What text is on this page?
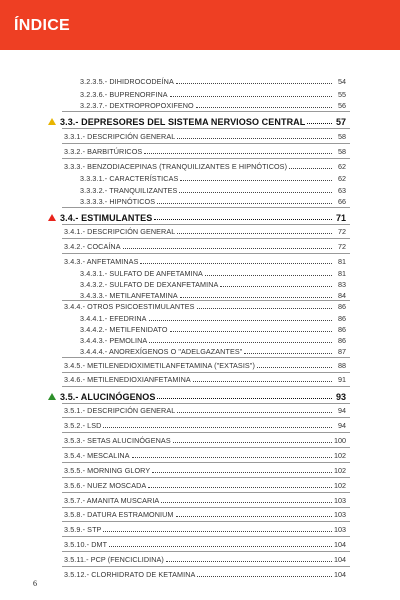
ÍNDICE
3.2.3.5.- DIHIDROCODEÍNA	54
3.2.3.6.- BUPRENORFINA	55
3.2.3.7.- DEXTROPROPOXIFENO	56
3.3.- DEPRESORES DEL SISTEMA NERVIOSO CENTRAL	57
3.3.1.- DESCRIPCIÓN GENERAL	58
3.3.2.- BARBITÚRICOS	58
3.3.3.- BENZODIACEPINAS (TRANQUILIZANTES E HIPNÓTICOS)	62
3.3.3.1.- CARACTERÍSTICAS	62
3.3.3.2.- TRANQUILIZANTES	63
3.3.3.3.- HIPNÓTICOS	66
3.4.- ESTIMULANTES	71
3.4.1.- DESCRIPCIÓN GENERAL	72
3.4.2.- COCAÍNA	72
3.4.3.- ANFETAMINAS	81
3.4.3.1.- SULFATO DE ANFETAMINA	81
3.4.3.2.- SULFATO DE DEXANFETAMINA	83
3.4.3.3.- METILANFETAMINA	84
3.4.4.- OTROS PSICOESTIMULANTES	86
3.4.4.1.- EFEDRINA	86
3.4.4.2.- METILFENIDATO	86
3.4.4.3.- PEMOLINA	86
3.4.4.4.- ANOREXÍGENOS O "ADELGAZANTES"	87
3.4.5.- METILENEDIOXIMETILANFETAMINA ("EXTASIS")	88
3.4.6.- METILENEDIOXIANFETAMINA	91
3.5.- ALUCINÓGENOS	93
3.5.1.- DESCRIPCIÓN GENERAL	94
3.5.2.- LSD	94
3.5.3.- SETAS ALUCINÓGENAS	100
3.5.4.- MESCALINA	102
3.5.5.- MORNING GLORY	102
3.5.6.- NUEZ MOSCADA	102
3.5.7.- AMANITA MUSCARIA	103
3.5.8.- DATURA ESTRAMONIUM	103
3.5.9.- STP	103
3.5.10.- DMT	104
3.5.11.- PCP (FENCICLIDINA)	104
3.5.12.- CLORHIDRATO DE KETAMINA	104
6
